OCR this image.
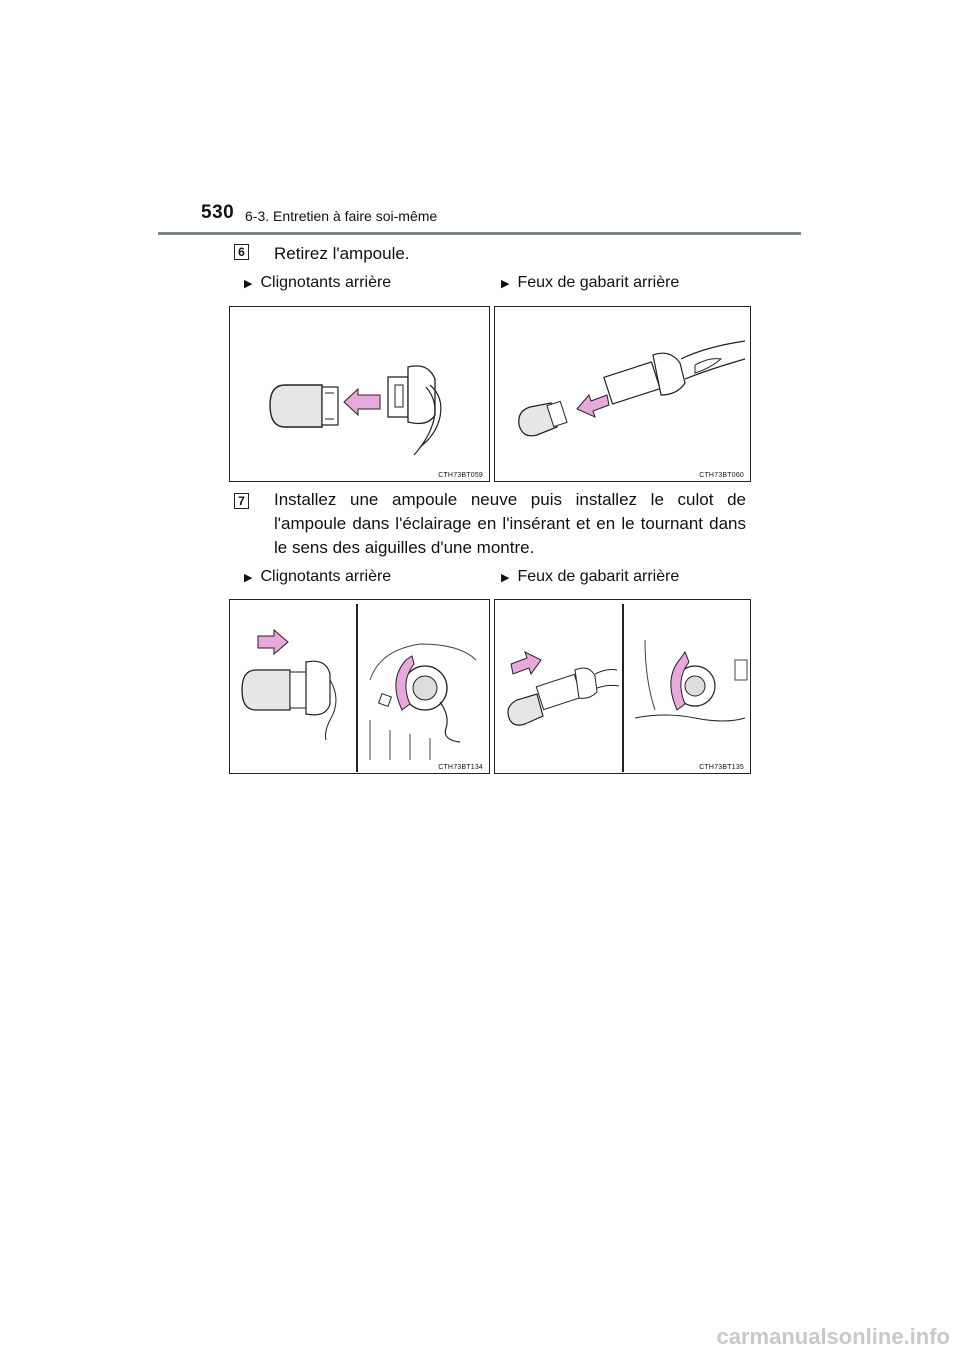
530 6-3. Entretien à faire soi-même
6 Retirez l'ampoule.
▶ Clignotants arrière	▶ Feux de gabarit arrière
CTH73BT059	CTH73BT060
7 Installez une ampoule neuve puis installez le culot de l'ampoule dans l'éclairage en l'insérant et en le tournant dans le sens des aiguilles d'une montre.
▶ Clignotants arrière	▶ Feux de gabarit arrière
CTH73BT134	CTH73BT135
carmanualsonline.info
